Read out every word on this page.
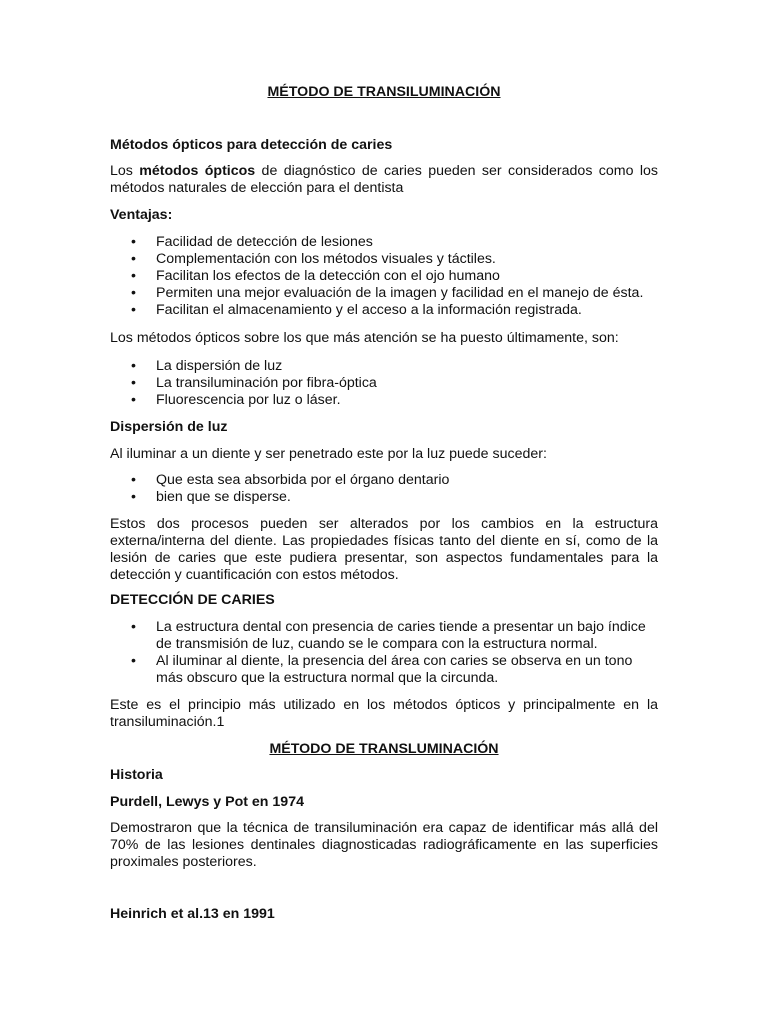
MÉTODO DE TRANSILUMINACIÓN
Métodos ópticos para detección de caries
Los métodos ópticos de diagnóstico de caries pueden ser considerados como los métodos naturales de elección para el dentista
Ventajas:
• Facilidad de detección de lesiones
• Complementación con los métodos visuales y táctiles.
• Facilitan los efectos de la detección con el ojo humano
• Permiten una mejor evaluación de la imagen y facilidad en el manejo de ésta.
• Facilitan el almacenamiento y el acceso a la información registrada.
Los métodos ópticos sobre los que más atención se ha puesto últimamente, son:
• La dispersión de luz
• La transiluminación por fibra-óptica
• Fluorescencia por luz o láser.
Dispersión de luz
Al iluminar a un diente y ser penetrado este por la luz puede suceder:
• Que esta sea absorbida por el órgano dentario
• bien que se disperse.
Estos dos procesos pueden ser alterados por los cambios en la estructura externa/interna del diente. Las propiedades físicas tanto del diente en sí, como de la lesión de caries que este pudiera presentar, son aspectos fundamentales para la detección y cuantificación con estos métodos.
DETECCIÓN DE CARIES
• La estructura dental con presencia de caries tiende a presentar un bajo índice de transmisión de luz, cuando se le compara con la estructura normal.
• Al iluminar al diente, la presencia del área con caries se observa en un tono más obscuro que la estructura normal que la circunda.
Este es el principio más utilizado en los métodos ópticos y principalmente en la transiluminación.1
MÉTODO DE TRANSLUMINACIÓN
Historia
Purdell, Lewys y Pot en 1974
Demostraron que la técnica de transiluminación era capaz de identificar más allá del 70% de las lesiones dentinales diagnosticadas radiográficamente en las superficies proximales posteriores.
Heinrich et al.13 en 1991
